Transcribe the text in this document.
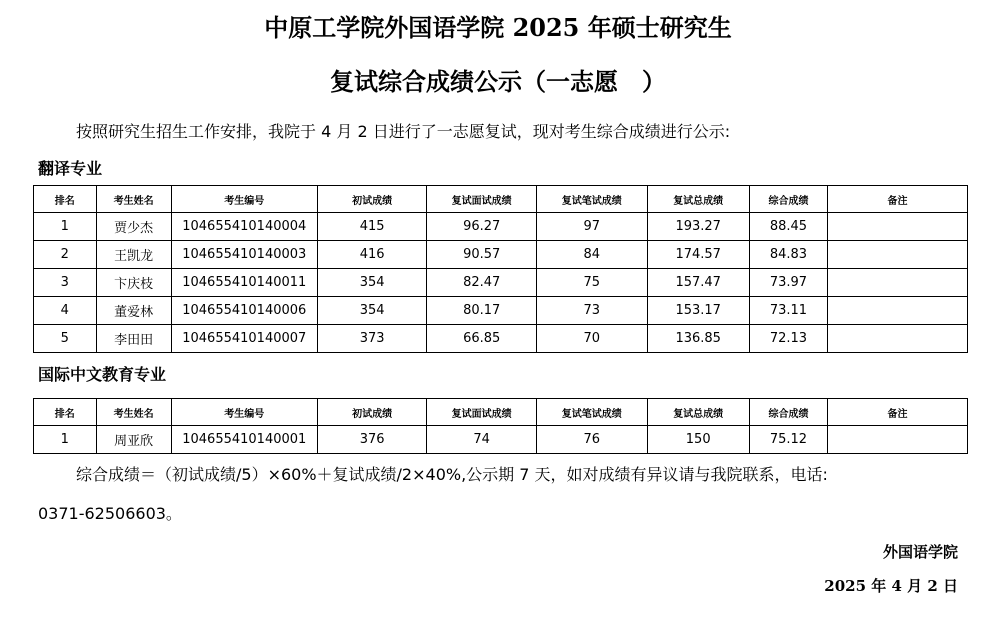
中原工学院外国语学院 2025 年硕士研究生
复试综合成绩公示（一志愿　）
按照研究生招生工作安排，我院于 4 月 2 日进行了一志愿复试，现对考生综合成绩进行公示:
翻译专业
排名	考生姓名	考生编号	初试成绩	复试面试成绩	复试笔试成绩	复试总成绩	综合成绩	备注
1	贾少杰	104655410140004	415	96.27	97	193.27	88.45	
2	王凯龙	104655410140003	416	90.57	84	174.57	84.83	
3	卞庆枝	104655410140011	354	82.47	75	157.47	73.97	
4	董爱林	104655410140006	354	80.17	73	153.17	73.11	
5	李田田	104655410140007	373	66.85	70	136.85	72.13	
国际中文教育专业
排名	考生姓名	考生编号	初试成绩	复试面试成绩	复试笔试成绩	复试总成绩	综合成绩	备注
1	周亚欣	104655410140001	376	74	76	150	75.12	
综合成绩＝（初试成绩/5）×60%＋复试成绩/2×40%,公示期 7 天，如对成绩有异议请与我院联系，电话:
0371-62506603。
外国语学院
2025 年 4 月 2 日
